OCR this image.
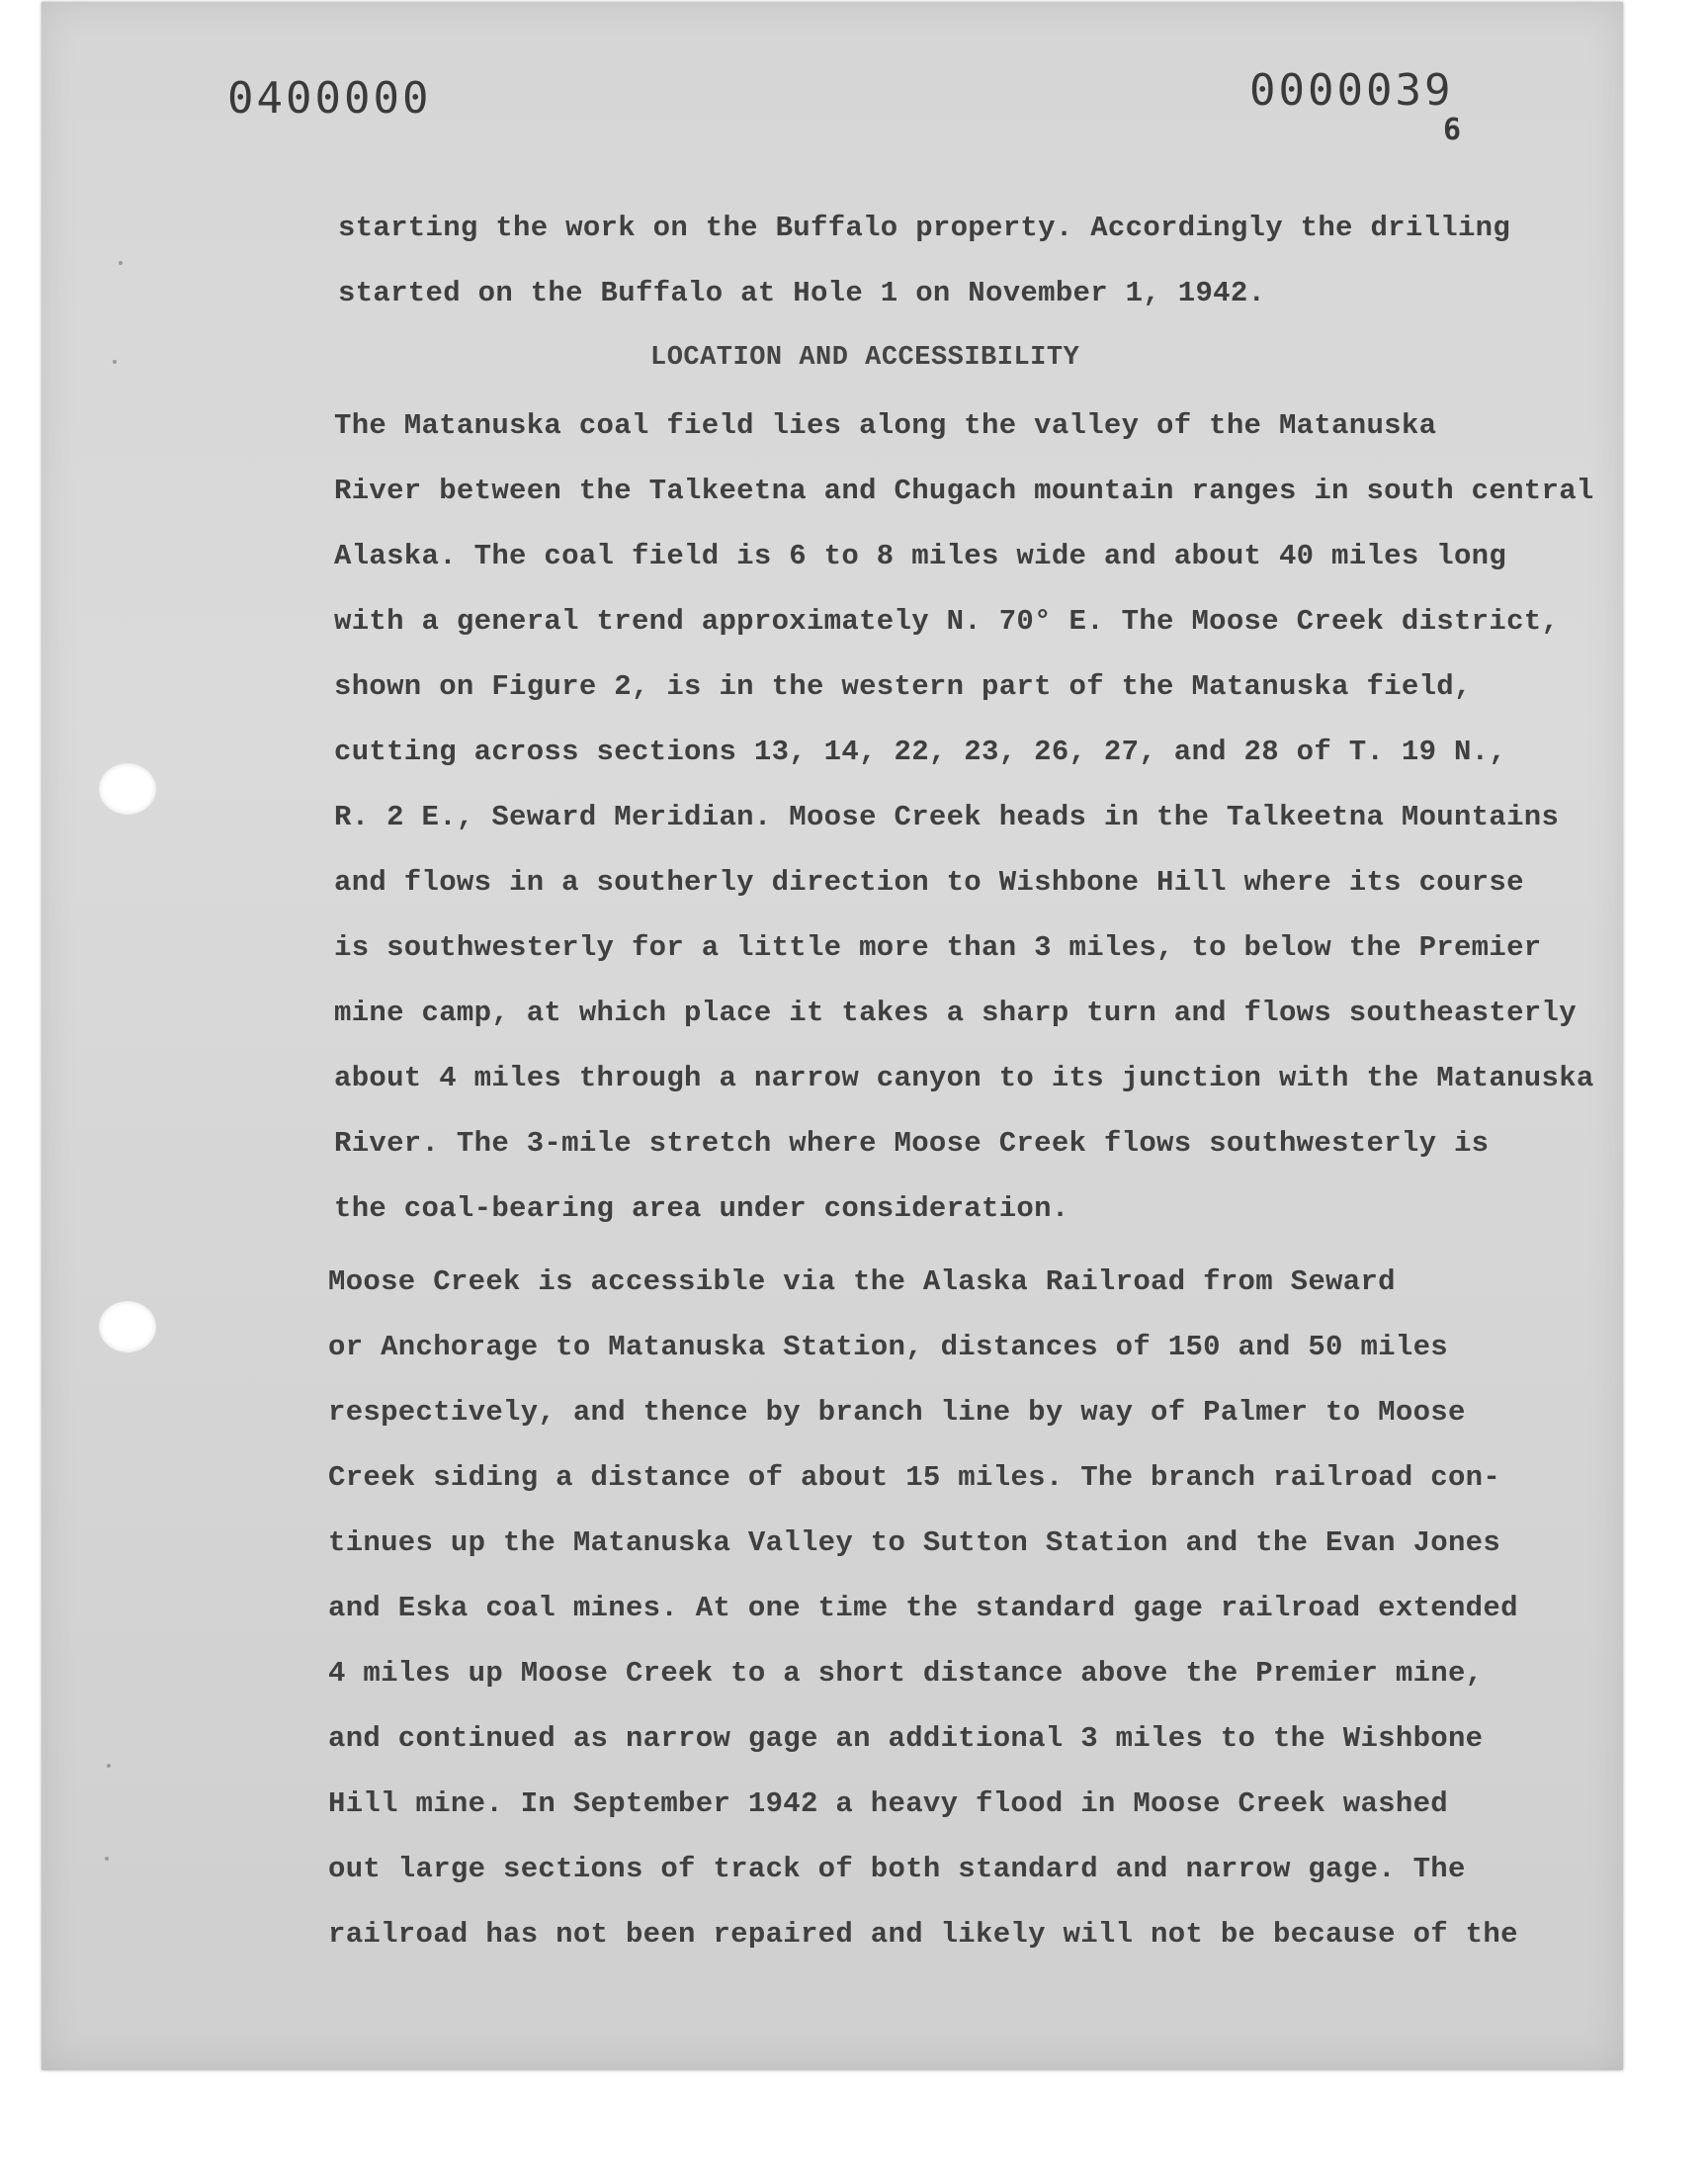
0400000	0000039
6
starting the work on the Buffalo property. Accordingly the drilling
started on the Buffalo at Hole 1 on November 1, 1942.
LOCATION AND ACCESSIBILITY
The Matanuska coal field lies along the valley of the Matanuska
River between the Talkeetna and Chugach mountain ranges in south central
Alaska. The coal field is 6 to 8 miles wide and about 40 miles long
with a general trend approximately N. 70° E. The Moose Creek district,
shown on Figure 2, is in the western part of the Matanuska field,
cutting across sections 13, 14, 22, 23, 26, 27, and 28 of T. 19 N.,
R. 2 E., Seward Meridian. Moose Creek heads in the Talkeetna Mountains
and flows in a southerly direction to Wishbone Hill where its course
is southwesterly for a little more than 3 miles, to below the Premier
mine camp, at which place it takes a sharp turn and flows southeasterly
about 4 miles through a narrow canyon to its junction with the Matanuska
River. The 3-mile stretch where Moose Creek flows southwesterly is
the coal-bearing area under consideration.
Moose Creek is accessible via the Alaska Railroad from Seward
or Anchorage to Matanuska Station, distances of 150 and 50 miles
respectively, and thence by branch line by way of Palmer to Moose
Creek siding a distance of about 15 miles. The branch railroad con-
tinues up the Matanuska Valley to Sutton Station and the Evan Jones
and Eska coal mines. At one time the standard gage railroad extended
4 miles up Moose Creek to a short distance above the Premier mine,
and continued as narrow gage an additional 3 miles to the Wishbone
Hill mine. In September 1942 a heavy flood in Moose Creek washed
out large sections of track of both standard and narrow gage. The
railroad has not been repaired and likely will not be because of the
